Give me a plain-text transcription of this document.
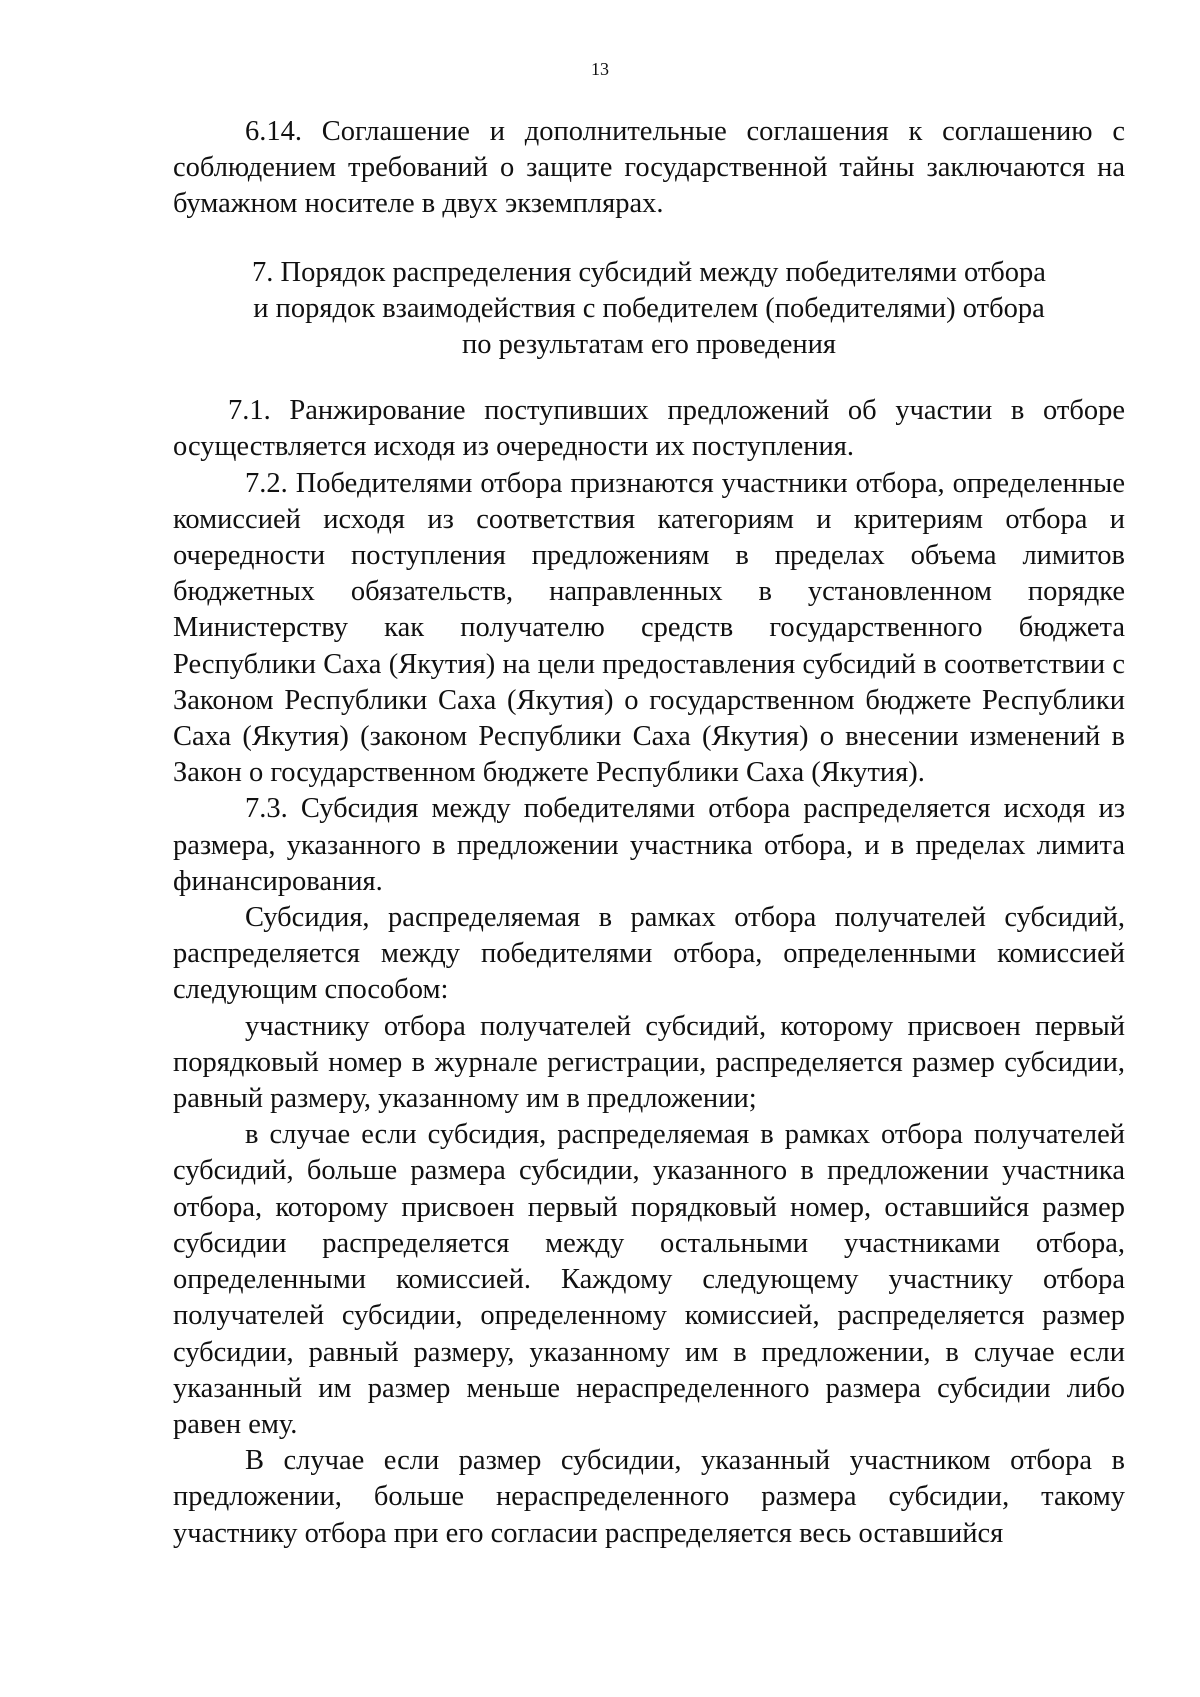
13

6.14. Соглашение и дополнительные соглашения к соглашению с соблюдением требований о защите государственной тайны заключаются на бумажном носителе в двух экземплярах.

7. Порядок распределения субсидий между победителями отбора
и порядок взаимодействия с победителем (победителями) отбора
по результатам его проведения

7.1. Ранжирование поступивших предложений об участии в отборе осуществляется исходя из очередности их поступления.

7.2. Победителями отбора признаются участники отбора, определенные комиссией исходя из соответствия категориям и критериям отбора и очередности поступления предложениям в пределах объема лимитов бюджетных обязательств, направленных в установленном порядке Министерству как получателю средств государственного бюджета Республики Саха (Якутия) на цели предоставления субсидий в соответствии с Законом Республики Саха (Якутия) о государственном бюджете Республики Саха (Якутия) (законом Республики Саха (Якутия) о внесении изменений в Закон о государственном бюджете Республики Саха (Якутия).

7.3. Субсидия между победителями отбора распределяется исходя из размера, указанного в предложении участника отбора, и в пределах лимита финансирования.

Субсидия, распределяемая в рамках отбора получателей субсидий, распределяется между победителями отбора, определенными комиссией следующим способом:

участнику отбора получателей субсидий, которому присвоен первый порядковый номер в журнале регистрации, распределяется размер субсидии, равный размеру, указанному им в предложении;

в случае если субсидия, распределяемая в рамках отбора получателей субсидий, больше размера субсидии, указанного в предложении участника отбора, которому присвоен первый порядковый номер, оставшийся размер субсидии распределяется между остальными участниками отбора, определенными комиссией. Каждому следующему участнику отбора получателей субсидии, определенному комиссией, распределяется размер субсидии, равный размеру, указанному им в предложении, в случае если указанный им размер меньше нераспределенного размера субсидии либо равен ему.

В случае если размер субсидии, указанный участником отбора в предложении, больше нераспределенного размера субсидии, такому участнику отбора при его согласии распределяется весь оставшийся
